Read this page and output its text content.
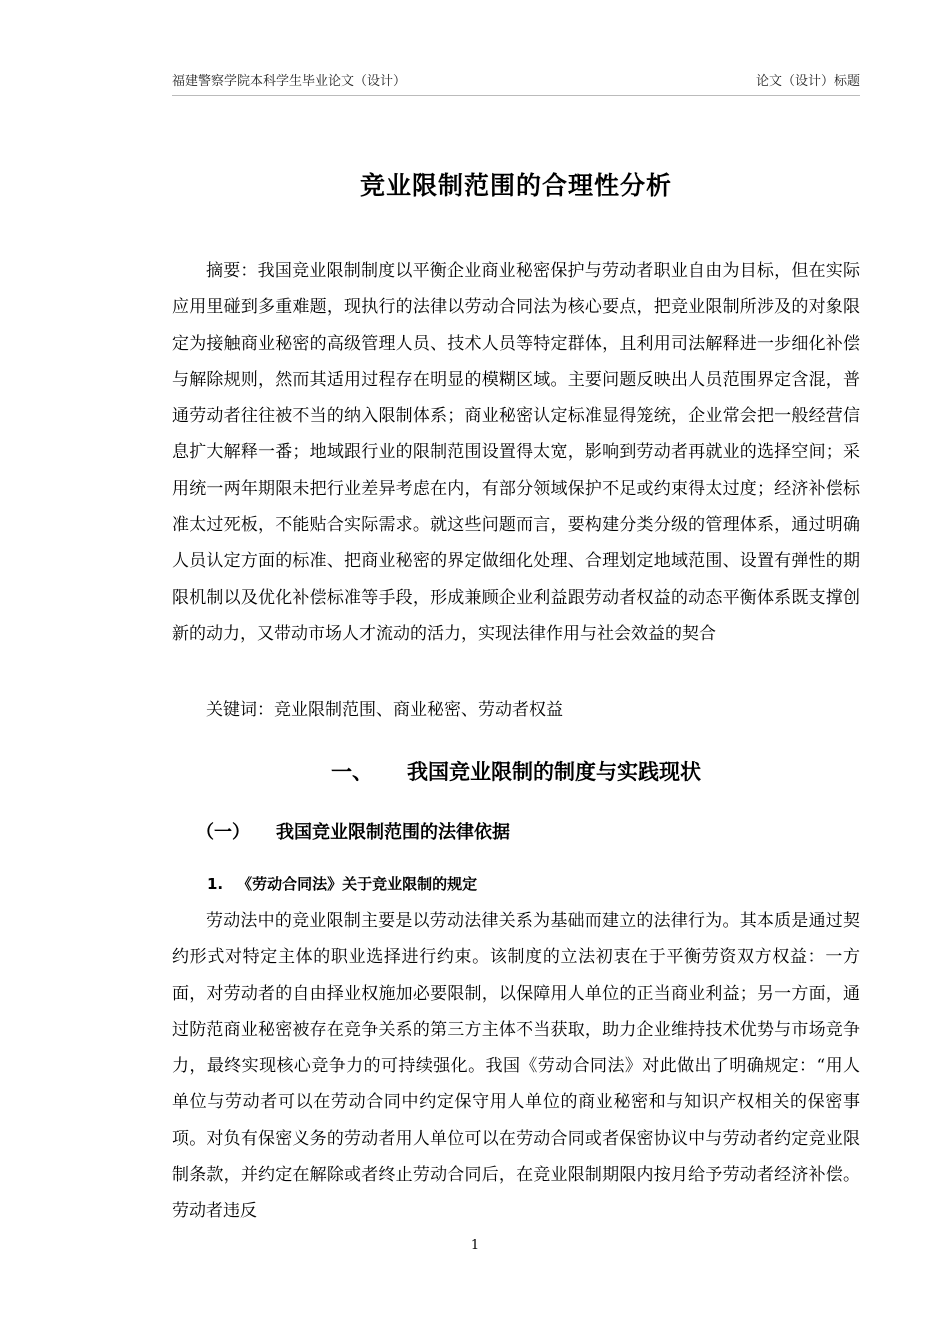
福建警察学院本科学生毕业论文（设计）	论文（设计）标题
竞业限制范围的合理性分析

摘要：我国竞业限制制度以平衡企业商业秘密保护与劳动者职业自由为目标，但在实际应用里碰到多重难题，现执行的法律以劳动合同法为核心要点，把竞业限制所涉及的对象限定为接触商业秘密的高级管理人员、技术人员等特定群体，且利用司法解释进一步细化补偿与解除规则，然而其适用过程存在明显的模糊区域。主要问题反映出人员范围界定含混，普通劳动者往往被不当的纳入限制体系；商业秘密认定标准显得笼统，企业常会把一般经营信息扩大解释一番；地域跟行业的限制范围设置得太宽，影响到劳动者再就业的选择空间；采用统一两年期限未把行业差异考虑在内，有部分领域保护不足或约束得太过度；经济补偿标准太过死板，不能贴合实际需求。就这些问题而言，要构建分类分级的管理体系，通过明确人员认定方面的标准、把商业秘密的界定做细化处理、合理划定地域范围、设置有弹性的期限机制以及优化补偿标准等手段，形成兼顾企业利益跟劳动者权益的动态平衡体系既支撑创新的动力，又带动市场人才流动的活力，实现法律作用与社会效益的契合

关键词：竞业限制范围、商业秘密、劳动者权益
一、 我国竞业限制的制度与实践现状
（一） 我国竞业限制范围的法律依据
1. 《劳动合同法》关于竞业限制的规定

劳动法中的竞业限制主要是以劳动法律关系为基础而建立的法律行为。其本质是通过契约形式对特定主体的职业选择进行约束。该制度的立法初衷在于平衡劳资双方权益：一方面，对劳动者的自由择业权施加必要限制，以保障用人单位的正当商业利益；另一方面，通过防范商业秘密被存在竞争关系的第三方主体不当获取，助力企业维持技术优势与市场竞争力，最终实现核心竞争力的可持续强化。我国《劳动合同法》对此做出了明确规定：“用人单位与劳动者可以在劳动合同中约定保守用人单位的商业秘密和与知识产权相关的保密事项。对负有保密义务的劳动者用人单位可以在劳动合同或者保密协议中与劳动者约定竞业限制条款，并约定在解除或者终止劳动合同后，在竞业限制期限内按月给予劳动者经济补偿。劳动者违反

1
